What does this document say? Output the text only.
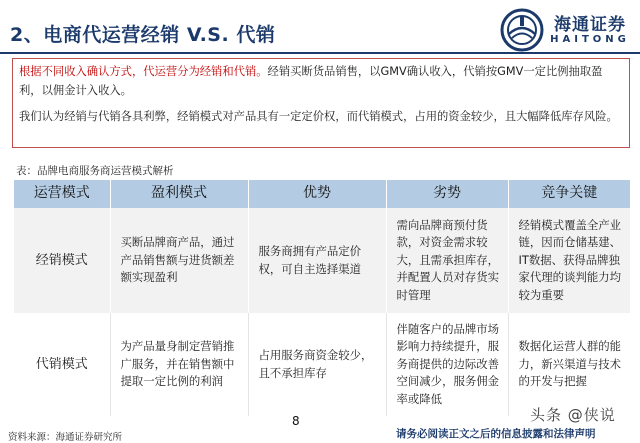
2、电商代运营经销 V.S. 代销	海通证券
HAITONG

根据不同收入确认方式，代运营分为经销和代销。经销买断货品销售，以GMV确认收入，代销按GMV一定比例抽取盈利，以佣金计入收入。

我们认为经销与代销各具利弊，经销模式对产品具有一定定价权，而代销模式，占用的资金较少，且大幅降低库存风险。

表：品牌电商服务商运营模式解析
运营模式	盈利模式	优势	劣势	竞争关键
经销模式	买断品牌商产品，通过产品销售额与进货额差额实现盈利	服务商拥有产品定价权，可自主选择渠道	需向品牌商预付货款，对资金需求较大，且需承担库存，并配置人员对存货实时管理	经销模式覆盖全产业链，因而仓储基建、IT数据、获得品牌独家代理的谈判能力均较为重要
代销模式	为产品量身制定营销推广服务，并在销售额中提取一定比例的利润	占用服务商资金较少，且不承担库存	伴随客户的品牌市场影响力持续提升，服务商提供的边际改善空间减少，服务佣金率或降低	数据化运营人群的能力，新兴渠道与技术的开发与把握
8
资料来源：海通证券研究所	请务必阅读正文之后的信息披露和法律声明
头条 @侠说
